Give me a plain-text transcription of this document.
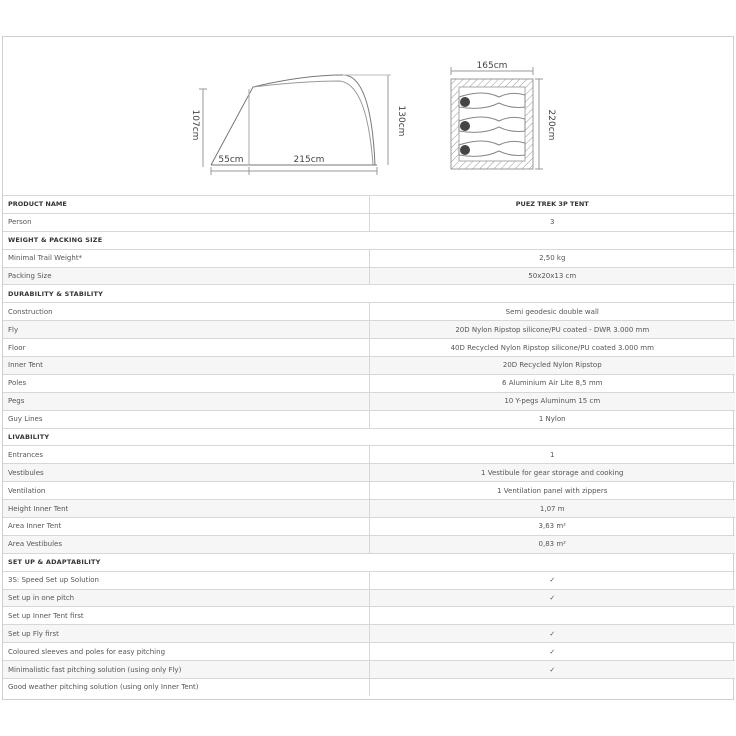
107cm	130cm
55cm	215cm
165cm
220cm
PRODUCT NAME	PUEZ TREK 3P TENT
Person	3
WEIGHT & PACKING SIZE	
Minimal Trail Weight*	2,50 kg
Packing Size	50x20x13 cm
DURABILITY & STABILITY	
Construction	Semi geodesic double wall
Fly	20D Nylon Ripstop silicone/PU coated - DWR 3.000 mm
Floor	40D Recycled Nylon Ripstop silicone/PU coated 3.000 mm
Inner Tent	20D Recycled Nylon Ripstop
Poles	6 Aluminium Air Lite 8,5 mm
Pegs	10 Y-pegs Aluminum 15 cm
Guy Lines	1 Nylon
LIVABILITY	
Entrances	1
Vestibules	1 Vestibule for gear storage and cooking
Ventilation	1 Ventilation panel with zippers
Height Inner Tent	1,07 m
Area Inner Tent	3,63 m²
Area Vestibules	0,83 m²
SET UP & ADAPTABILITY	
3S: Speed Set up Solution	✓
Set up in one pitch	✓
Set up Inner Tent first	
Set up Fly first	✓
Coloured sleeves and poles for easy pitching	✓
Minimalistic fast pitching solution (using only Fly)	✓
Good weather pitching solution (using only Inner Tent)	
